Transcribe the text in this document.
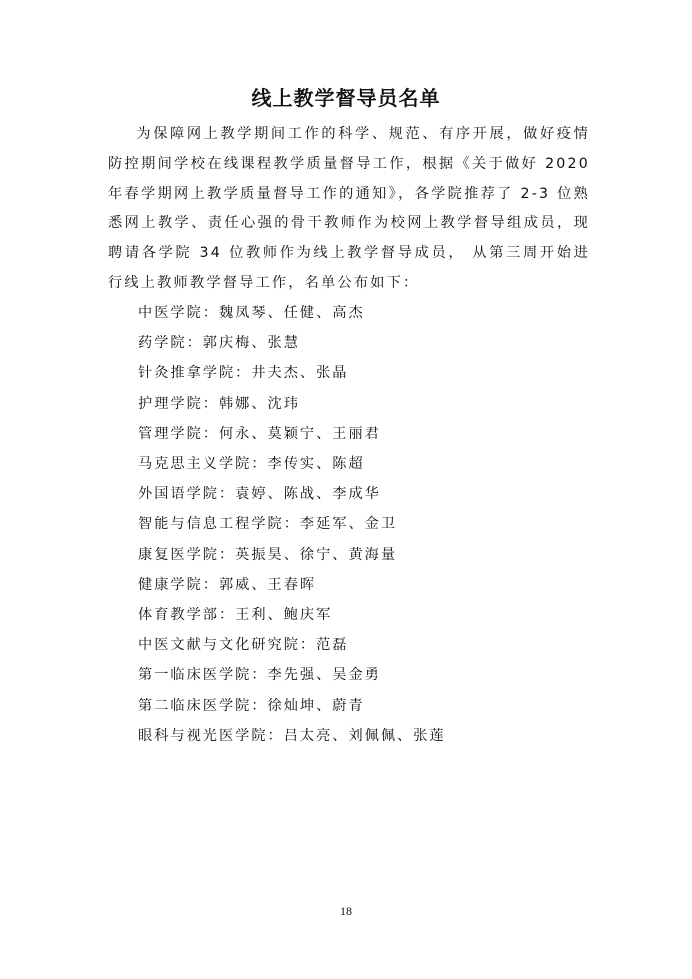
线上教学督导员名单

为保障网上教学期间工作的科学、规范、有序开展，做好疫情防控期间学校在线课程教学质量督导工作，根据《关于做好 2020 年春学期网上教学质量督导工作的通知》，各学院推荐了 2-3 位熟悉网上教学、责任心强的骨干教师作为校网上教学督导组成员，现聘请各学院 34 位教师作为线上教学督导成员， 从第三周开始进行线上教师教学督导工作，名单公布如下：

中医学院：魏凤琴、任健、高杰
药学院：郭庆梅、张慧
针灸推拿学院：井夫杰、张晶
护理学院：韩娜、沈玮
管理学院：何永、莫颖宁、王丽君
马克思主义学院：李传实、陈超
外国语学院：袁婷、陈战、李成华
智能与信息工程学院：李延军、金卫
康复医学院：英振昊、徐宁、黄海量
健康学院：郭威、王春晖
体育教学部：王利、鲍庆军
中医文献与文化研究院：范磊
第一临床医学院：李先强、吴金勇
第二临床医学院：徐灿坤、蔚青
眼科与视光医学院：吕太亮、刘佩佩、张莲
18
